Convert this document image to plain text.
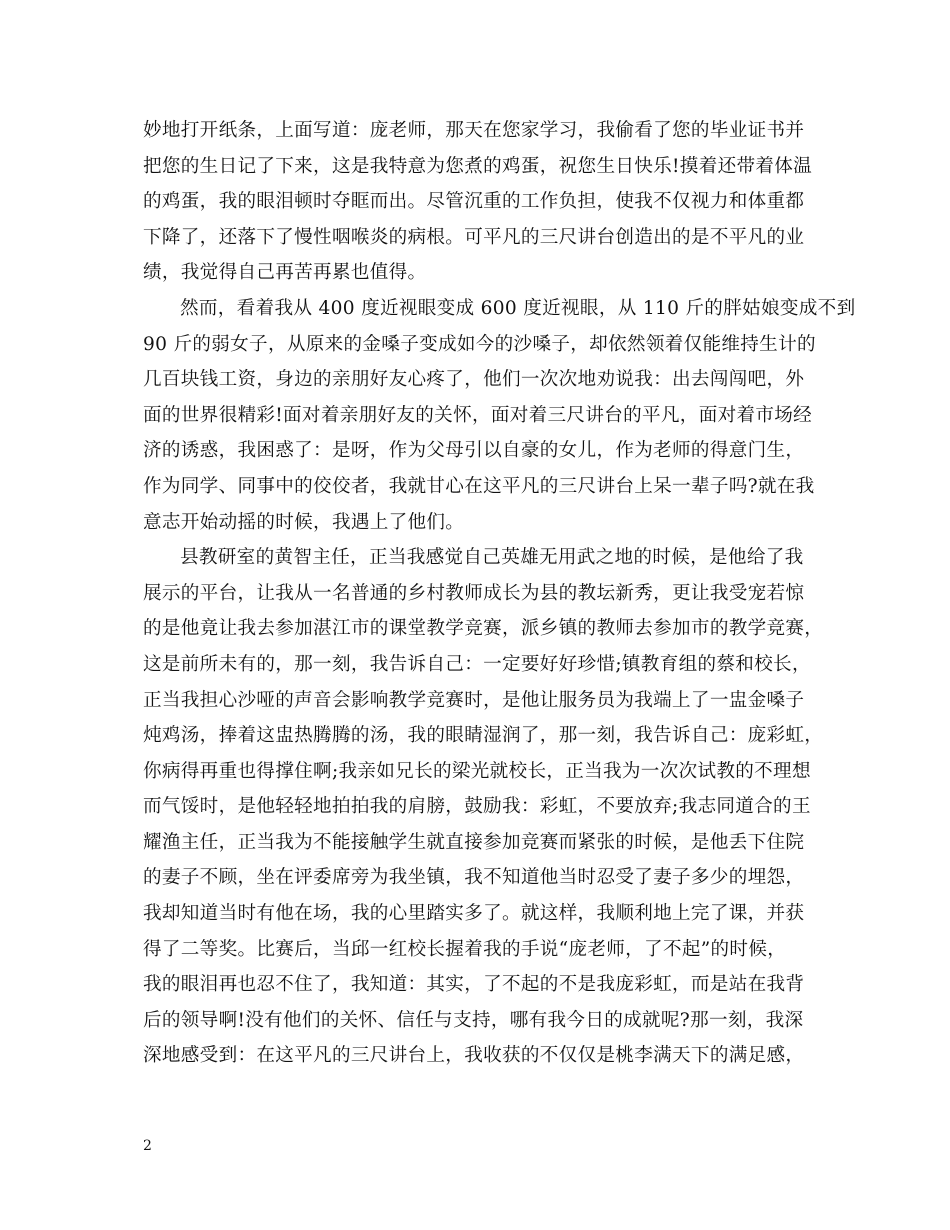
妙地打开纸条，上面写道：庞老师，那天在您家学习，我偷看了您的毕业证书并
把您的生日记了下来，这是我特意为您煮的鸡蛋，祝您生日快乐!摸着还带着体温
的鸡蛋，我的眼泪顿时夺眶而出。尽管沉重的工作负担，使我不仅视力和体重都
下降了，还落下了慢性咽喉炎的病根。可平凡的三尺讲台创造出的是不平凡的业
绩，我觉得自己再苦再累也值得。
然而，看着我从 400 度近视眼变成 600 度近视眼，从 110 斤的胖姑娘变成不到
90 斤的弱女子，从原来的金嗓子变成如今的沙嗓子，却依然领着仅能维持生计的
几百块钱工资，身边的亲朋好友心疼了，他们一次次地劝说我：出去闯闯吧，外
面的世界很精彩!面对着亲朋好友的关怀，面对着三尺讲台的平凡，面对着市场经
济的诱惑，我困惑了：是呀，作为父母引以自豪的女儿，作为老师的得意门生，
作为同学、同事中的佼佼者，我就甘心在这平凡的三尺讲台上呆一辈子吗?就在我
意志开始动摇的时候，我遇上了他们。
县教研室的黄智主任，正当我感觉自己英雄无用武之地的时候，是他给了我
展示的平台，让我从一名普通的乡村教师成长为县的教坛新秀，更让我受宠若惊
的是他竟让我去参加湛江市的课堂教学竞赛，派乡镇的教师去参加市的教学竞赛，
这是前所未有的，那一刻，我告诉自己：一定要好好珍惜;镇教育组的蔡和校长，
正当我担心沙哑的声音会影响教学竞赛时，是他让服务员为我端上了一盅金嗓子
炖鸡汤，捧着这盅热腾腾的汤，我的眼睛湿润了，那一刻，我告诉自己：庞彩虹，
你病得再重也得撑住啊;我亲如兄长的梁光就校长，正当我为一次次试教的不理想
而气馁时，是他轻轻地拍拍我的肩膀，鼓励我：彩虹，不要放弃;我志同道合的王
耀渔主任，正当我为不能接触学生就直接参加竞赛而紧张的时候，是他丢下住院
的妻子不顾，坐在评委席旁为我坐镇，我不知道他当时忍受了妻子多少的埋怨，
我却知道当时有他在场，我的心里踏实多了。就这样，我顺利地上完了课，并获
得了二等奖。比赛后，当邱一红校长握着我的手说“庞老师，了不起”的时候，
我的眼泪再也忍不住了，我知道：其实，了不起的不是我庞彩虹，而是站在我背
后的领导啊!没有他们的关怀、信任与支持，哪有我今日的成就呢?那一刻，我深
深地感受到：在这平凡的三尺讲台上，我收获的不仅仅是桃李满天下的满足感，
2
